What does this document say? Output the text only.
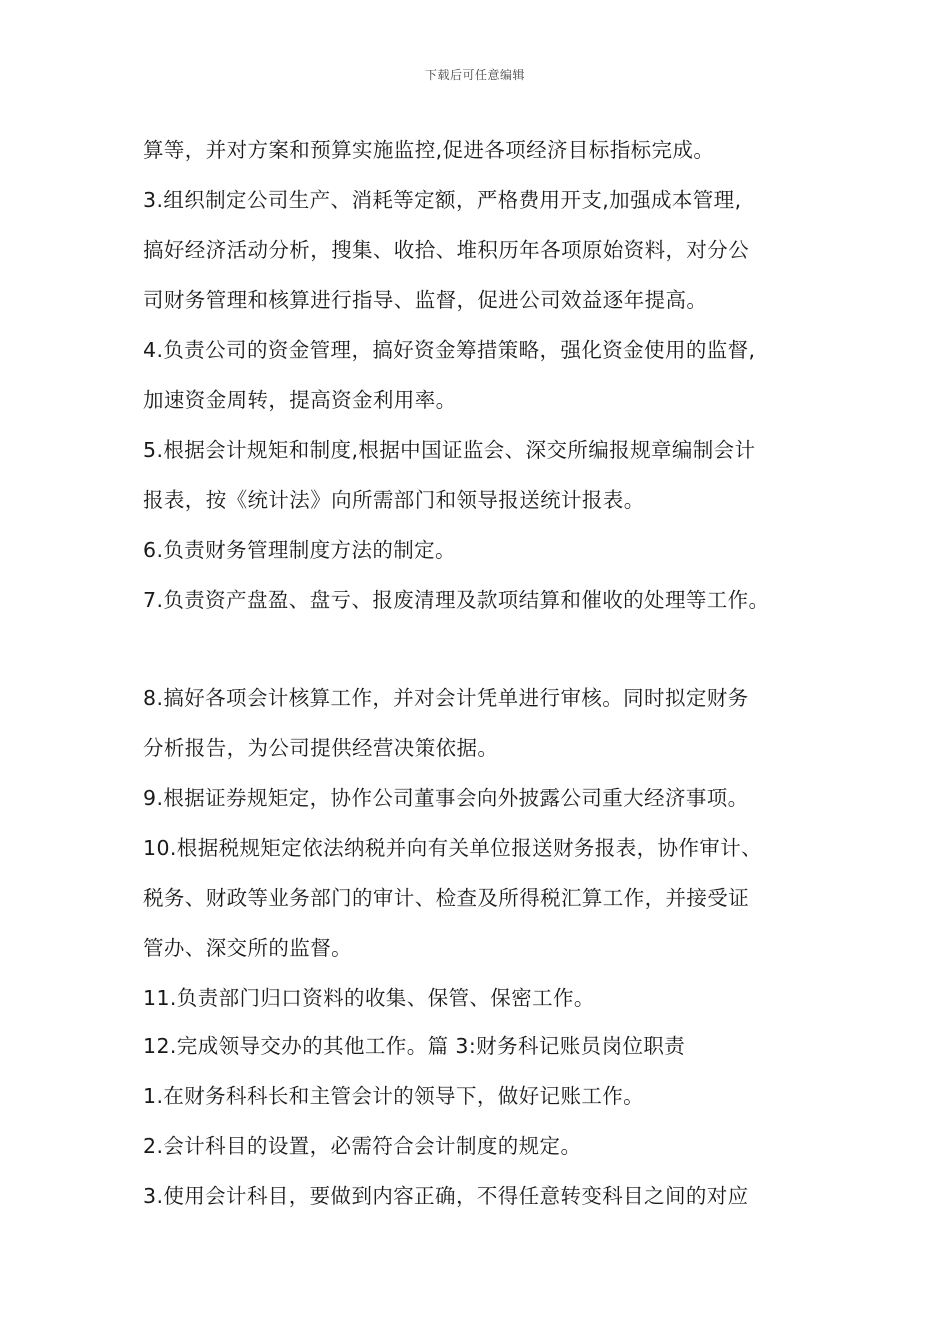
下载后可任意编辑
算等，并对方案和预算实施监控,促进各项经济目标指标完成。
3.组织制定公司生产、消耗等定额，严格费用开支,加强成本管理,
搞好经济活动分析，搜集、收拾、堆积历年各项原始资料，对分公
司财务管理和核算进行指导、监督，促进公司效益逐年提高。
4.负责公司的资金管理，搞好资金筹措策略，强化资金使用的监督,
加速资金周转，提高资金利用率。
5.根据会计规矩和制度,根据中国证监会、深交所编报规章编制会计
报表，按《统计法》向所需部门和领导报送统计报表。
6.负责财务管理制度方法的制定。
7.负责资产盘盈、盘亏、报废清理及款项结算和催收的处理等工作。
8.搞好各项会计核算工作，并对会计凭单进行审核。同时拟定财务
分析报告，为公司提供经营决策依据。
9.根据证券规矩定，协作公司董事会向外披露公司重大经济事项。
10.根据税规矩定依法纳税并向有关单位报送财务报表，协作审计、
税务、财政等业务部门的审计、检查及所得税汇算工作，并接受证
管办、深交所的监督。
11.负责部门归口资料的收集、保管、保密工作。
12.完成领导交办的其他工作。篇 3:财务科记账员岗位职责
1.在财务科科长和主管会计的领导下，做好记账工作。
2.会计科目的设置，必需符合会计制度的规定。
3.使用会计科目，要做到内容正确，不得任意转变科目之间的对应
